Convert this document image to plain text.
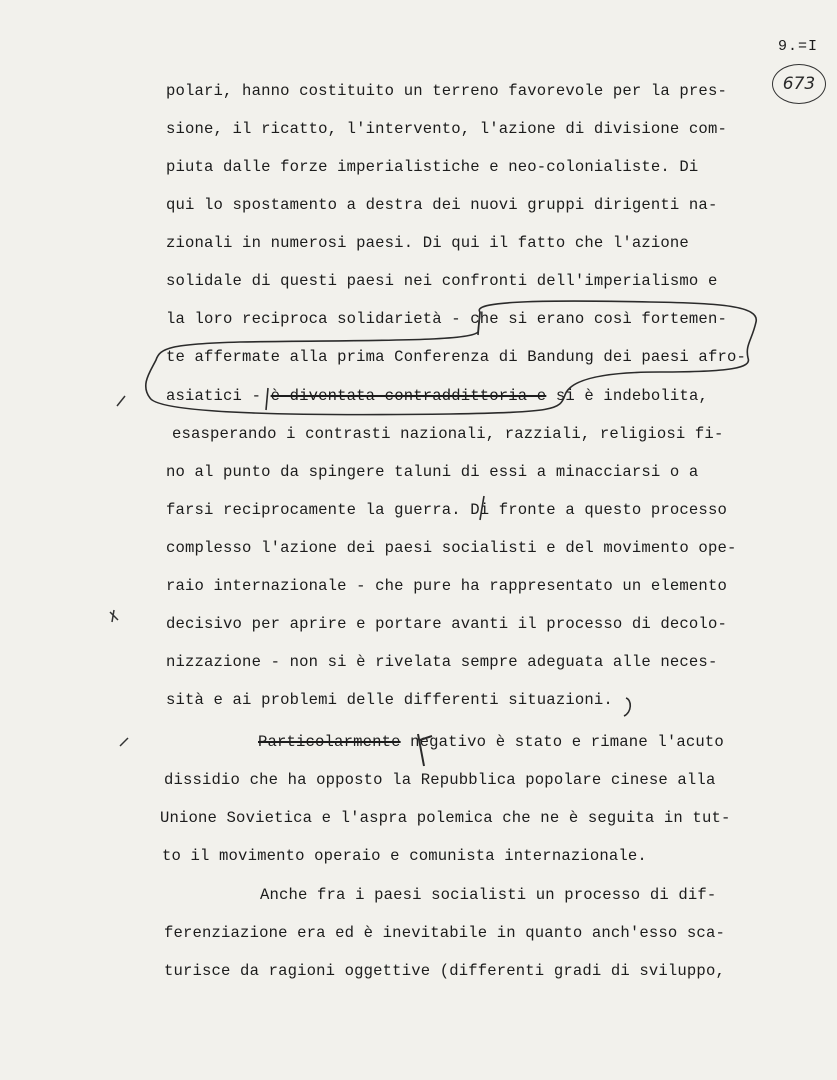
9.=I
673
polari, hanno costituito un terreno favorevole per la pres-
sione, il ricatto, l'intervento, l'azione di divisione com-
piuta dalle forze imperialistiche e neo-colonialiste. Di
qui lo spostamento a destra dei nuovi gruppi dirigenti na-
zionali in numerosi paesi. Di qui il fatto che l'azione
solidale di questi paesi nei confronti dell'imperialismo e
la loro reciproca solidarietà - che si erano così fortemen-
te affermate alla prima Conferenza di Bandung dei paesi afro-
asiatici - è diventata contraddittoria e si è indebolita,
esasperando i contrasti nazionali, razziali, religiosi fi-
no al punto da spingere taluni di essi a minacciarsi o a
farsi reciprocamente la guerra. Di fronte a questo processo
complesso l'azione dei paesi socialisti e del movimento ope-
raio internazionale - che pure ha rappresentato un elemento
decisivo per aprire e portare avanti il processo di decolo-
nizzazione - non si è rivelata sempre adeguata alle neces-
sità e ai problemi delle differenti situazioni.
Particolarmente negativo è stato e rimane l'acuto
dissidio che ha opposto la Repubblica popolare cinese alla
Unione Sovietica e l'aspra polemica che ne è seguita in tut-
to il movimento operaio e comunista internazionale.
Anche fra i paesi socialisti un processo di dif-
ferenziazione era ed è inevitabile in quanto anch'esso sca-
turisce da ragioni oggettive (differenti gradi di sviluppo,
